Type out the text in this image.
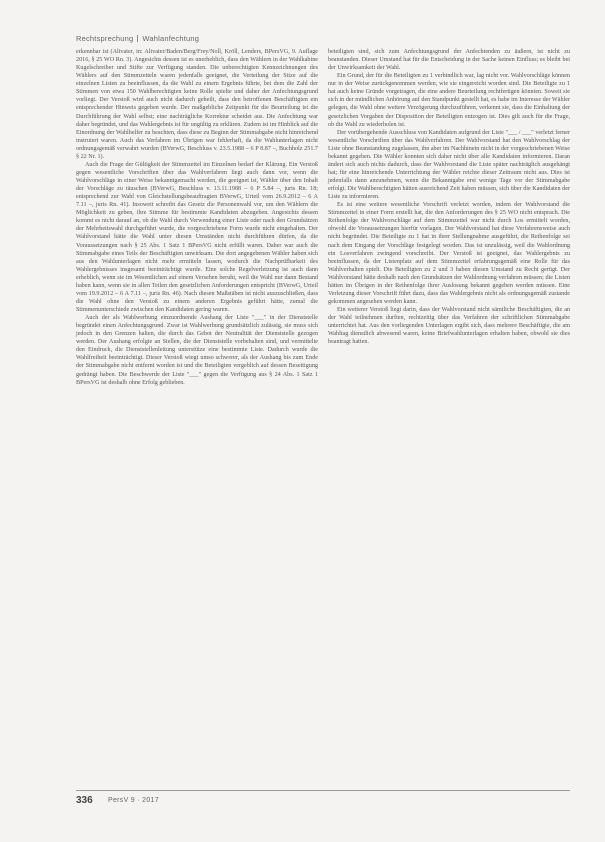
Rechtsprechung Wahlanfechtung

erkennbar ist (Altvater, in: Altvater/Baden/Berg/Frey/Noll, Kröll, Lenders, BPersVG, 9. Auflage 2016, § 25 WO Rn. 3). Angesichts dessen ist es unerheblich, dass den Wählern in der Wahlkabine Kugelschreiber und Stifte zur Verfügung standen. Die unberechtigten Kennzeichnungen des Wählers auf den Stimmzetteln waren jedenfalls geeignet, die Verteilung der Sitze auf die einzelnen Listen zu beeinflussen, da die Wahl zu einem Ergebnis führte, bei dem die Zahl der Stimmen von etwa 150 Wahlberechtigten keine Rolle spielte und daher der Anfechtungsgrund vorliegt. Der Verstoß wird auch nicht dadurch geheilt, dass den betroffenen Beschäftigten ein entsprechender Hinweis gegeben wurde. Der maßgebliche Zeitpunkt für die Beurteilung ist die Durchführung der Wahl selbst; eine nachträgliche Korrektur scheidet aus. Die Anfechtung war daher begründet, und das Wahlergebnis ist für ungültig zu erklären. Zudem ist im Hinblick auf die Einordnung der Wahlhelfer zu beachten, dass diese zu Beginn der Stimmabgabe nicht hinreichend instruiert waren. Auch das Verfahren im Übrigen war fehlerhaft, da die Wahlunterlagen nicht ordnungsgemäß verwahrt wurden (BVerwG, Beschluss v. 23.5.1988 – 6 P 8.87 –, Buchholz 251.7 § 22 Nr. 1).

Auch die Frage der Gültigkeit der Stimmzettel im Einzelnen bedarf der Klärung. Ein Verstoß gegen wesentliche Vorschriften über das Wahlverfahren liegt auch dann vor, wenn die Wahlvorschläge in einer Weise bekanntgemacht werden, die geeignet ist, Wähler über den Inhalt der Vorschläge zu täuschen (BVerwG, Beschluss v. 13.11.1988 – 6 P 5.84 –, juris Rn. 18; entsprechend zur Wahl von Gleichstellungsbeauftragten BVerwG, Urteil vom 26.9.2012 – 6 A 7.11 –, juris Rn. 41). Insoweit schreibt das Gesetz die Personenwahl vor, um den Wählern die Möglichkeit zu geben, ihre Stimme für bestimmte Kandidaten abzugeben. Angesichts dessen kommt es nicht darauf an, ob die Wahl durch Verwendung einer Liste oder nach den Grundsätzen der Mehrheitswahl durchgeführt wurde, die vorgeschriebene Form wurde nicht eingehalten. Der Wahlvorstand hätte die Wahl unter diesen Umständen nicht durchführen dürfen, da die Voraussetzungen nach § 25 Abs. 1 Satz 1 BPersVG nicht erfüllt waren. Daher war auch die Stimmabgabe eines Teils der Beschäftigten unwirksam. Die dort angegebenen Wähler haben sich aus den Wahlunterlagen nicht mehr ermitteln lassen, wodurch die Nachprüfbarkeit des Wahlergebnisses insgesamt beeinträchtigt wurde. Eine solche Regelverletzung ist auch dann erheblich, wenn sie im Wesentlichen auf einem Versehen beruht, weil die Wahl nur dann Bestand haben kann, wenn sie in allen Teilen den gesetzlichen Anforderungen entspricht (BVerwG, Urteil vom 19.9.2012 – 6 A 7.11 –, juris Rn. 46). Nach diesen Maßstäben ist nicht auszuschließen, dass die Wahl ohne den Verstoß zu einem anderen Ergebnis geführt hätte, zumal die Stimmenunterschiede zwischen den Kandidaten gering waren.

Auch der als Wahlwerbung einzuordnende Aushang der Liste "___" in der Dienststelle begründet einen Anfechtungsgrund. Zwar ist Wahlwerbung grundsätzlich zulässig, sie muss sich jedoch in den Grenzen halten, die durch das Gebot der Neutralität der Dienststelle gezogen werden. Der Aushang erfolgte an Stellen, die der Dienststelle vorbehalten sind, und vermittelte den Eindruck, die Dienststellenleitung unterstütze eine bestimmte Liste. Dadurch wurde die Wahlfreiheit beeinträchtigt. Dieser Verstoß wiegt umso schwerer, als der Aushang bis zum Ende der Stimmabgabe nicht entfernt worden ist und die Beteiligten vergeblich auf dessen Beseitigung gedrängt haben. Die Beschwerde der Liste "___" gegen die Verfügung aus § 24 Abs. 1 Satz 1 BPersVG ist deshalb ohne Erfolg geblieben.

beteiligten sind, sich zum Anfechtungsgrund der Anfechtenden zu äußern, ist nicht zu beanstanden. Dieser Umstand hat für die Entscheidung in der Sache keinen Einfluss; es bleibt bei der Unwirksamkeit der Wahl.

Ein Grund, der für die Beteiligten zu 1 verbindlich war, lag nicht vor. Wahlvorschläge können nur in der Weise zurückgenommen werden, wie sie eingereicht worden sind. Die Beteiligte zu 1 hat auch keine Gründe vorgetragen, die eine andere Beurteilung rechtfertigen könnten. Soweit sie sich in der mündlichen Anhörung auf den Standpunkt gestellt hat, es habe im Interesse der Wähler gelegen, die Wahl ohne weitere Verzögerung durchzuführen, verkennt sie, dass die Einhaltung der gesetzlichen Vorgaben der Disposition der Beteiligten entzogen ist. Dies gilt auch für die Frage, ob die Wahl zu wiederholen ist.

Der vorübergehende Ausschluss von Kandidaten aufgrund der Liste "___ / ___" verletzt ferner wesentliche Vorschriften über das Wahlverfahren. Der Wahlvorstand hat den Wahlvorschlag der Liste ohne Beanstandung zugelassen, ihn aber im Nachhinein nicht in der vorgeschriebenen Weise bekannt gegeben. Die Wähler konnten sich daher nicht über alle Kandidaten informieren. Daran ändert sich auch nichts dadurch, dass der Wahlvorstand die Liste später nachträglich ausgehängt hat; für eine hinreichende Unterrichtung der Wähler reichte dieser Zeitraum nicht aus. Dies ist jedenfalls dann anzunehmen, wenn die Bekanntgabe erst wenige Tage vor der Stimmabgabe erfolgt. Die Wahlberechtigten hätten ausreichend Zeit haben müssen, sich über die Kandidaten der Liste zu informieren.

Es ist eine weitere wesentliche Vorschrift verletzt worden, indem der Wahlvorstand die Stimmzettel in einer Form erstellt hat, die den Anforderungen des § 25 WO nicht entsprach. Die Reihenfolge der Wahlvorschläge auf dem Stimmzettel war nicht durch Los ermittelt worden, obwohl die Voraussetzungen hierfür vorlagen. Der Wahlvorstand hat diese Verfahrensweise auch nicht begründet. Die Beteiligte zu 1 hat in ihrer Stellungnahme ausgeführt, die Reihenfolge sei nach dem Eingang der Vorschläge festgelegt worden. Das ist unzulässig, weil die Wahlordnung ein Losverfahren zwingend vorschreibt. Der Verstoß ist geeignet, das Wahlergebnis zu beeinflussen, da der Listenplatz auf dem Stimmzettel erfahrungsgemäß eine Rolle für das Wahlverhalten spielt. Die Beteiligten zu 2 und 3 haben diesen Umstand zu Recht gerügt. Der Wahlvorstand hätte deshalb nach den Grundsätzen der Wahlordnung verfahren müssen; die Listen hätten im Übrigen in der Reihenfolge ihrer Auslosung bekannt gegeben werden müssen. Eine Verletzung dieser Vorschrift führt dazu, dass das Wahlergebnis nicht als ordnungsgemäß zustande gekommen angesehen werden kann.

Ein weiterer Verstoß liegt darin, dass der Wahlvorstand nicht sämtliche Beschäftigten, die an der Wahl teilnehmen durften, rechtzeitig über das Verfahren der schriftlichen Stimmabgabe unterrichtet hat. Aus den vorliegenden Unterlagen ergibt sich, dass mehrere Beschäftigte, die am Wahltag dienstlich abwesend waren, keine Briefwahlunterlagen erhalten haben, obwohl sie dies beantragt hatten.

336 PersV 9 · 2017
